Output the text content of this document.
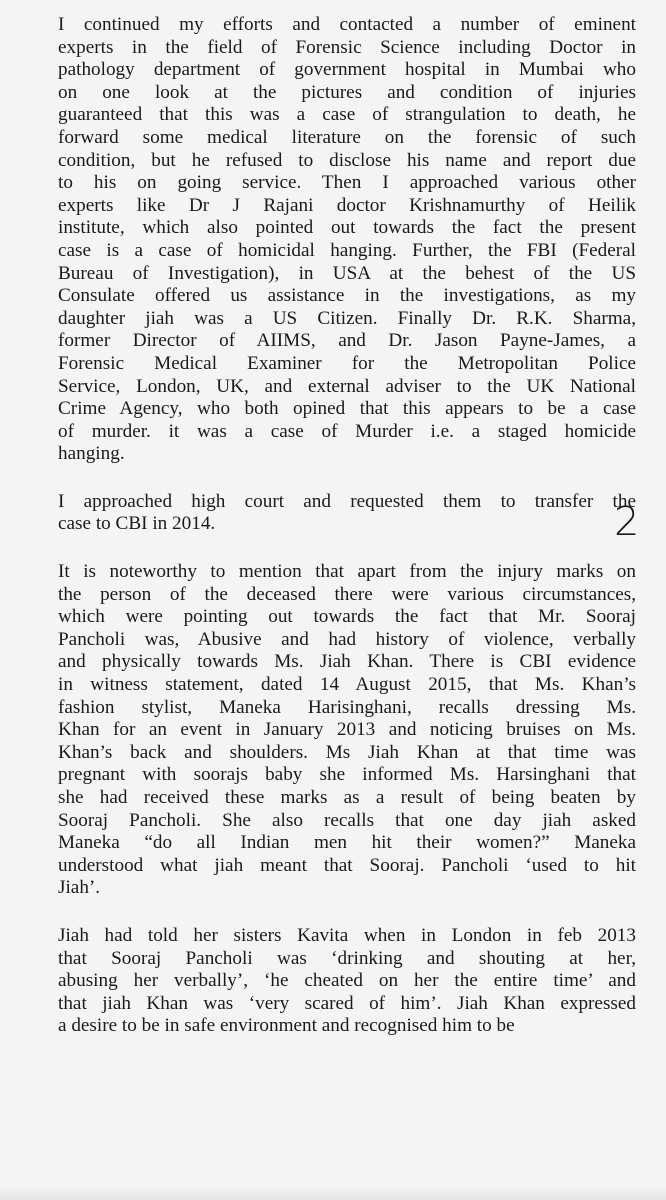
I continued my efforts and contacted a number of eminent
experts in the field of Forensic Science including Doctor in
pathology department of government hospital in Mumbai who
on one look at the pictures and condition of injuries
guaranteed that this was a case of strangulation to death, he
forward some medical literature on the forensic of such
condition, but he refused to disclose his name and report due
to his on going service. Then I approached various other
experts like Dr J Rajani doctor Krishnamurthy of Heilik
institute, which also pointed out towards the fact the present
case is a case of homicidal hanging. Further, the FBI (Federal
Bureau of Investigation), in USA at the behest of the US
Consulate offered us assistance in the investigations, as my
daughter jiah was a US Citizen. Finally Dr. R.K. Sharma,
former Director of AIIMS, and Dr. Jason Payne-James, a
Forensic Medical Examiner for the Metropolitan Police
Service, London, UK, and external adviser to the UK National
Crime Agency, who both opined that this appears to be a case
of murder. it was a case of Murder i.e. a staged homicide
hanging.

I approached high court and requested them to transfer the
case to CBI in 2014.

It is noteworthy to mention that apart from the injury marks on
the person of the deceased there were various circumstances,
which were pointing out towards the fact that Mr. Sooraj
Pancholi was, Abusive and had history of violence, verbally
and physically towards Ms. Jiah Khan. There is CBI evidence
in witness statement, dated 14 August 2015, that Ms. Khan’s
fashion stylist, Maneka Harisinghani, recalls dressing Ms.
Khan for an event in January 2013 and noticing bruises on Ms.
Khan’s back and shoulders. Ms Jiah Khan at that time was
pregnant with soorajs baby she informed Ms. Harsinghani that
she had received these marks as a result of being beaten by
Sooraj Pancholi. She also recalls that one day jiah asked
Maneka “do all Indian men hit their women?” Maneka
understood what jiah meant that Sooraj. Pancholi ‘used to hit
Jiah’.

Jiah had told her sisters Kavita when in London in feb 2013
that Sooraj Pancholi was ‘drinking and shouting at her,
abusing her verbally’, ‘he cheated on her the entire time’ and
that jiah Khan was ‘very scared of him’. Jiah Khan expressed
a desire to be in safe environment and recognised him to be

2
